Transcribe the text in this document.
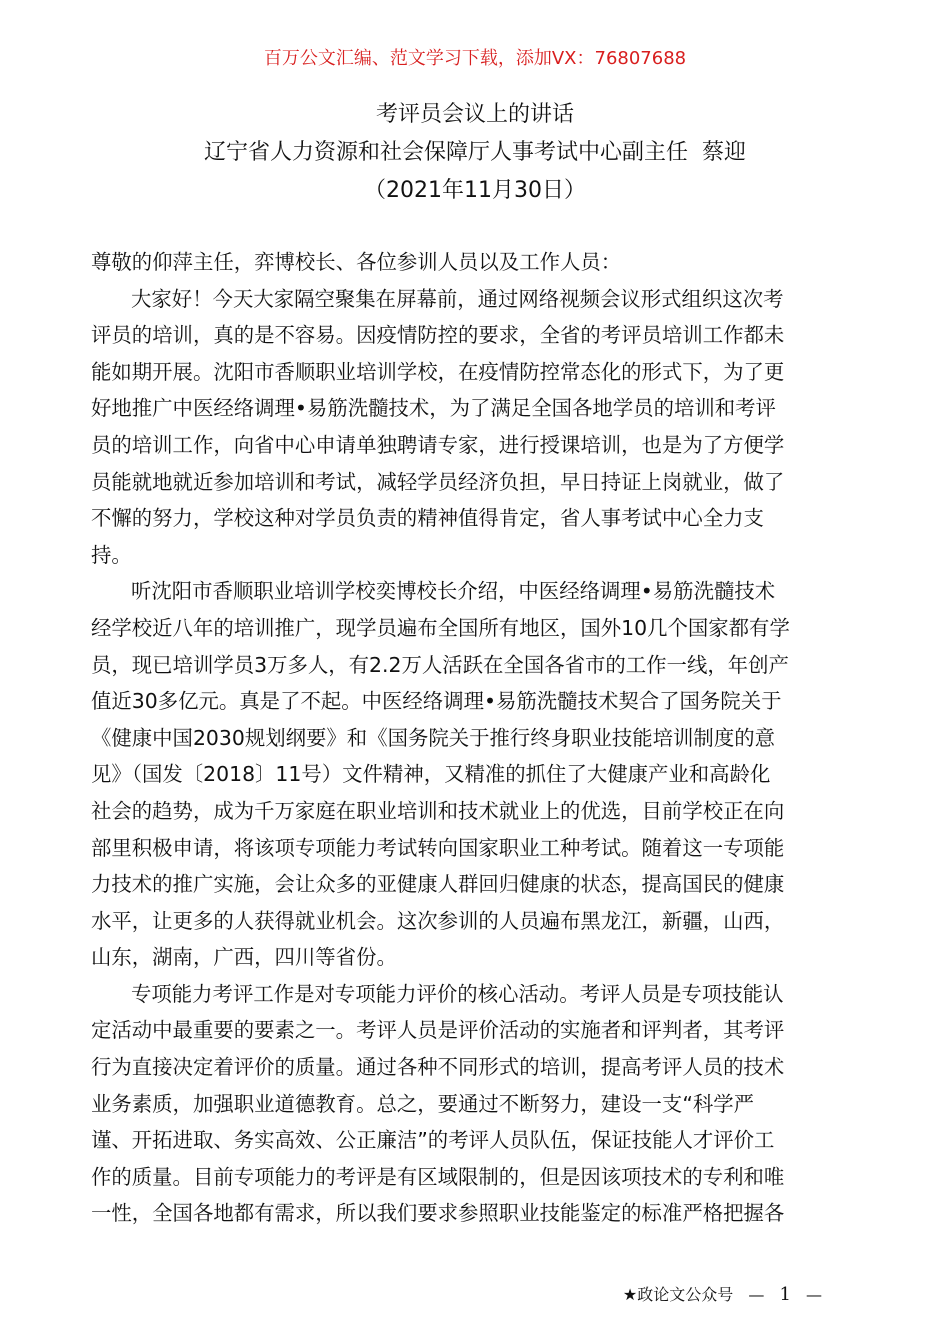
百万公文汇编、范文学习下载，添加VX：76807688
考评员会议上的讲话
辽宁省人力资源和社会保障厅人事考试中心副主任  蔡迎
（2021年11月30日）
尊敬的仰萍主任，弈博校长、各位参训人员以及工作人员：
大家好！今天大家隔空聚集在屏幕前，通过网络视频会议形式组织这次考
评员的培训，真的是不容易。因疫情防控的要求，全省的考评员培训工作都未
能如期开展。沈阳市香顺职业培训学校，在疫情防控常态化的形式下，为了更
好地推广中医经络调理•易筋洗髓技术，为了满足全国各地学员的培训和考评
员的培训工作，向省中心申请单独聘请专家，进行授课培训，也是为了方便学
员能就地就近参加培训和考试，减轻学员经济负担，早日持证上岗就业，做了
不懈的努力，学校这种对学员负责的精神值得肯定，省人事考试中心全力支
持。
听沈阳市香顺职业培训学校奕博校长介绍，中医经络调理•易筋洗髓技术
经学校近八年的培训推广，现学员遍布全国所有地区，国外10几个国家都有学
员，现已培训学员3万多人，有2.2万人活跃在全国各省市的工作一线，年创产
值近30多亿元。真是了不起。中医经络调理•易筋洗髓技术契合了国务院关于
《健康中国2030规划纲要》和《国务院关于推行终身职业技能培训制度的意
见》（国发〔2018〕11号）文件精神，又精准的抓住了大健康产业和高龄化
社会的趋势，成为千万家庭在职业培训和技术就业上的优选，目前学校正在向
部里积极申请，将该项专项能力考试转向国家职业工种考试。随着这一专项能
力技术的推广实施，会让众多的亚健康人群回归健康的状态，提高国民的健康
水平，让更多的人获得就业机会。这次参训的人员遍布黑龙江，新疆，山西，
山东，湖南，广西，四川等省份。
专项能力考评工作是对专项能力评价的核心活动。考评人员是专项技能认
定活动中最重要的要素之一。考评人员是评价活动的实施者和评判者，其考评
行为直接决定着评价的质量。通过各种不同形式的培训，提高考评人员的技术
业务素质，加强职业道德教育。总之，要通过不断努力，建设一支“科学严
谨、开拓进取、务实高效、公正廉洁”的考评人员队伍，保证技能人才评价工
作的质量。目前专项能力的考评是有区域限制的，但是因该项技术的专利和唯
一性，全国各地都有需求，所以我们要求参照职业技能鉴定的标准严格把握各
★政论文公众号 — 1 —
